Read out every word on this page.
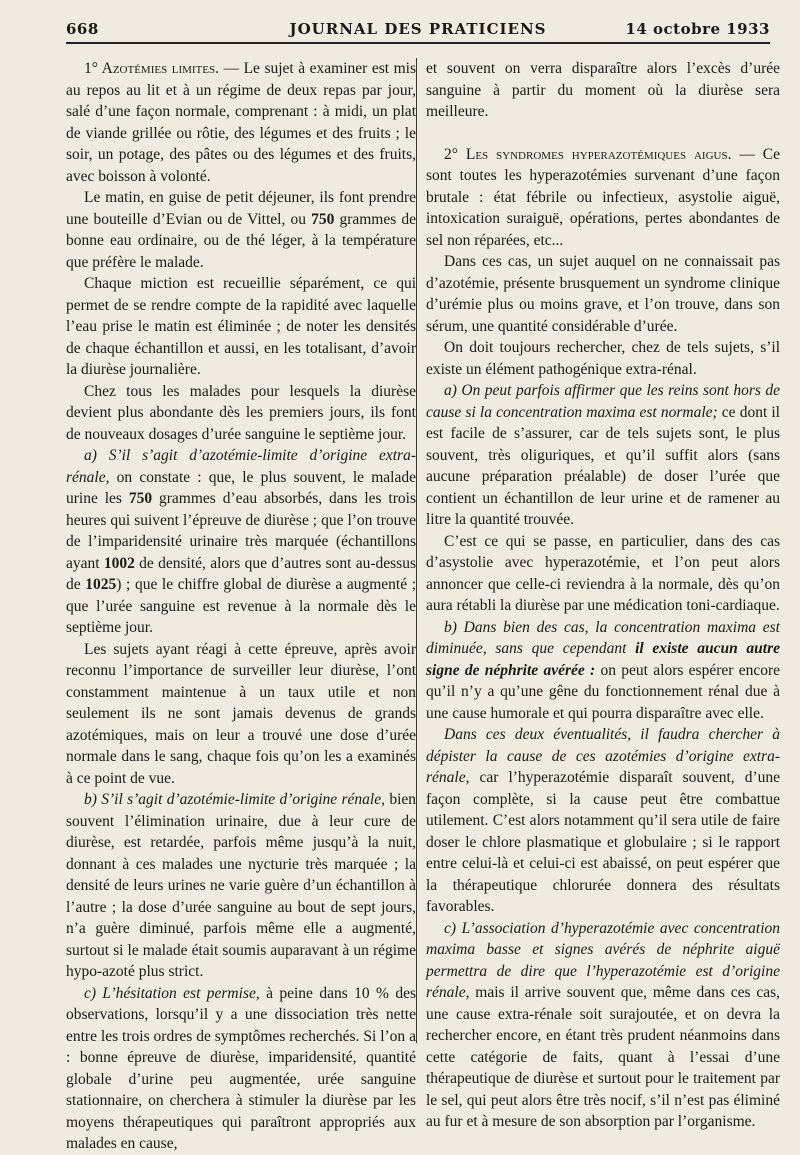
668	JOURNAL DES PRATICIENS	14 octobre 1933

1° Azotémies limites. — Le sujet à examiner est mis au repos au lit et à un régime de deux repas par jour, salé d’une façon normale, comprenant : à midi, un plat de viande grillée ou rôtie, des légumes et des fruits ; le soir, un potage, des pâtes ou des légumes et des fruits, avec boisson à volonté.

Le matin, en guise de petit déjeuner, ils font prendre une bouteille d’Evian ou de Vittel, ou 750 grammes de bonne eau ordinaire, ou de thé léger, à la température que préfère le malade.

Chaque miction est recueillie séparément, ce qui permet de se rendre compte de la rapidité avec laquelle l’eau prise le matin est éliminée ; de noter les densités de chaque échantillon et aussi, en les totalisant, d’avoir la diurèse journalière.

Chez tous les malades pour lesquels la diurèse devient plus abondante dès les premiers jours, ils font de nouveaux dosages d’urée sanguine le septième jour.

a) S’il s’agit d’azotémie-limite d’origine extra-rénale, on constate : que, le plus souvent, le malade urine les 750 grammes d’eau absorbés, dans les trois heures qui suivent l’épreuve de diurèse ; que l’on trouve de l’imparidensité urinaire très marquée (échantillons ayant 1002 de densité, alors que d’autres sont au-dessus de 1025) ; que le chiffre global de diurèse a augmenté ; que l’urée sanguine est revenue à la normale dès le septième jour.

Les sujets ayant réagi à cette épreuve, après avoir reconnu l’importance de surveiller leur diurèse, l’ont constamment maintenue à un taux utile et non seulement ils ne sont jamais devenus de grands azotémiques, mais on leur a trouvé une dose d’urée normale dans le sang, chaque fois qu’on les a examinés à ce point de vue.

b) S’il s’agit d’azotémie-limite d’origine rénale, bien souvent l’élimination urinaire, due à leur cure de diurèse, est retardée, parfois même jusqu’à la nuit, donnant à ces malades une nycturie très marquée ; la densité de leurs urines ne varie guère d’un échantillon à l’autre ; la dose d’urée sanguine au bout de sept jours, n’a guère diminué, parfois même elle a augmenté, surtout si le malade était soumis auparavant à un régime hypo-azoté plus strict.

c) L’hésitation est permise, à peine dans 10 % des observations, lorsqu’il y a une dissociation très nette entre les trois ordres de symptômes recherchés. Si l’on a : bonne épreuve de diurèse, imparidensité, quantité globale d’urine peu augmentée, urée sanguine stationnaire, on cherchera à stimuler la diurèse par les moyens thérapeutiques qui paraîtront appropriés aux malades en cause,

et souvent on verra disparaître alors l’excès d’urée sanguine à partir du moment où la diurèse sera meilleure.

2° Les syndromes hyperazotémiques aigus. — Ce sont toutes les hyperazotémies survenant d’une façon brutale : état fébrile ou infectieux, asystolie aiguë, intoxication suraiguë, opérations, pertes abondantes de sel non réparées, etc...

Dans ces cas, un sujet auquel on ne connaissait pas d’azotémie, présente brusquement un syndrome clinique d’urémie plus ou moins grave, et l’on trouve, dans son sérum, une quantité considérable d’urée.

On doit toujours rechercher, chez de tels sujets, s’il existe un élément pathogénique extra-rénal.

a) On peut parfois affirmer que les reins sont hors de cause si la concentration maxima est normale; ce dont il est facile de s’assurer, car de tels sujets sont, le plus souvent, très oliguriques, et qu’il suffit alors (sans aucune préparation préalable) de doser l’urée que contient un échantillon de leur urine et de ramener au litre la quantité trouvée.

C’est ce qui se passe, en particulier, dans des cas d’asystolie avec hyperazotémie, et l’on peut alors annoncer que celle-ci reviendra à la normale, dès qu’on aura rétabli la diurèse par une médication toni-cardiaque.

b) Dans bien des cas, la concentration maxima est diminuée, sans que cependant il existe aucun autre signe de néphrite avérée : on peut alors espérer encore qu’il n’y a qu’une gêne du fonctionnement rénal due à une cause humorale et qui pourra disparaître avec elle.

Dans ces deux éventualités, il faudra chercher à dépister la cause de ces azotémies d’origine extra-rénale, car l’hyperazotémie disparaît souvent, d’une façon complète, si la cause peut être combattue utilement. C’est alors notamment qu’il sera utile de faire doser le chlore plasmatique et globulaire ; si le rapport entre celui-là et celui-ci est abaissé, on peut espérer que la thérapeutique chlorurée donnera des résultats favorables.

c) L’association d’hyperazotémie avec concentration maxima basse et signes avérés de néphrite aiguë permettra de dire que l’hyperazotémie est d’origine rénale, mais il arrive souvent que, même dans ces cas, une cause extra-rénale soit surajoutée, et on devra la rechercher encore, en étant très prudent néanmoins dans cette catégorie de faits, quant à l’essai d’une thérapeutique de diurèse et surtout pour le traitement par le sel, qui peut alors être très nocif, s’il n’est pas éliminé au fur et à mesure de son absorption par l’organisme.
